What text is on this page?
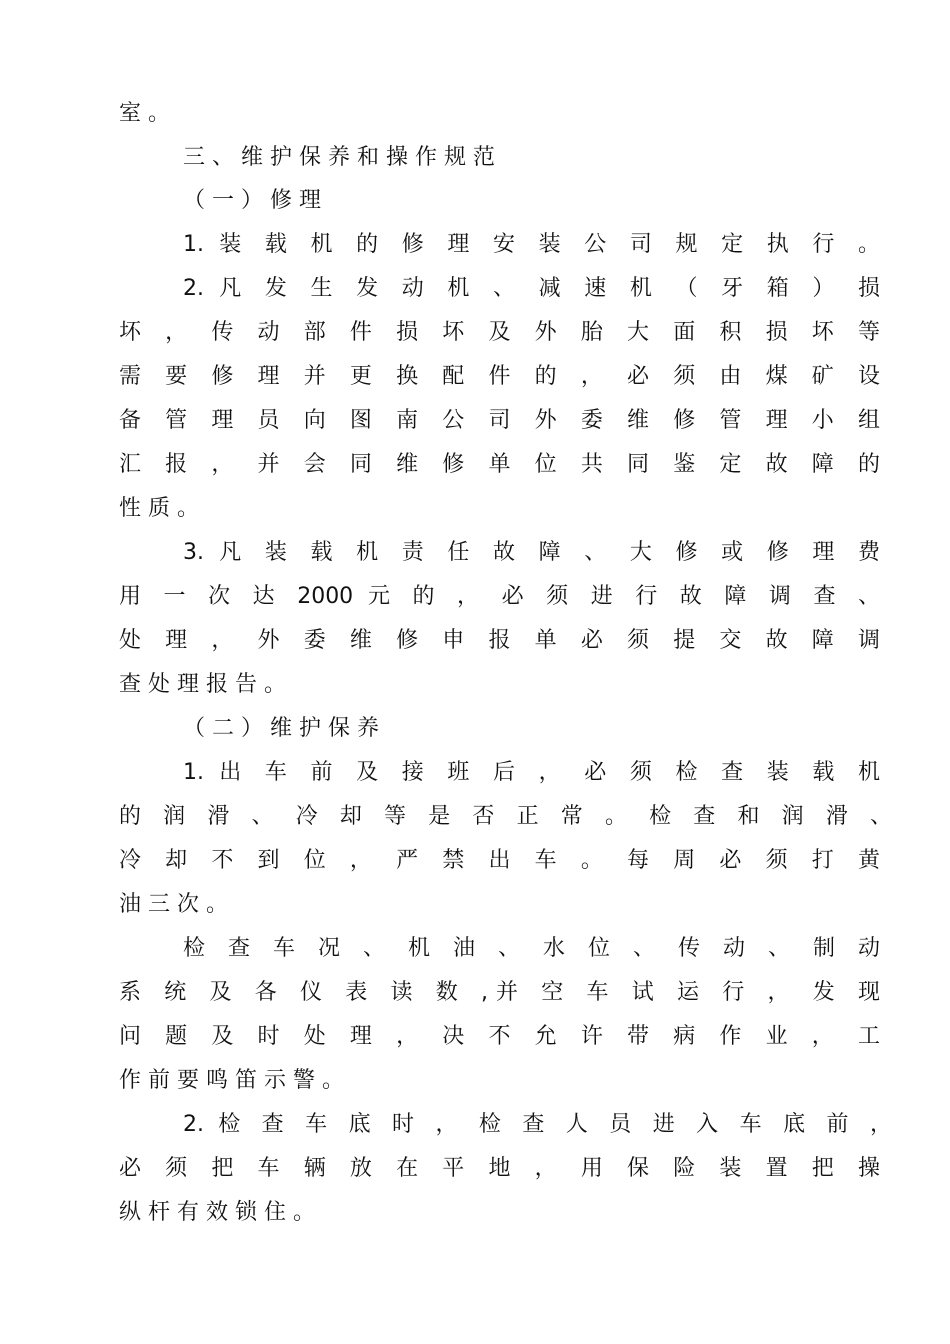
室 。
三 、 维 护 保 养 和 操 作 规 范
（ 一 ） 修 理
1. 装 载 机 的 修 理 安 装 公 司 规 定 执 行 。
2. 凡 发 生 发 动 机 、 减 速 机 （ 牙 箱 ） 损
坏 ， 传 动 部 件 损 坏 及 外 胎 大 面 积 损 坏 等
需 要 修 理 并 更 换 配 件 的 ， 必 须 由 煤 矿 设
备 管 理 员 向 图 南 公 司 外 委 维 修 管 理 小 组
汇 报 ， 并 会 同 维 修 单 位 共 同 鉴 定 故 障 的
性 质 。
3. 凡 装 载 机 责 任 故 障 、 大 修 或 修 理 费
用 一 次 达 2000 元 的 ， 必 须 进 行 故 障 调 查 、
处 理 ， 外 委 维 修 申 报 单 必 须 提 交 故 障 调
查 处 理 报 告 。
（ 二 ） 维 护 保 养
1. 出 车 前 及 接 班 后 ， 必 须 检 查 装 载 机
的 润 滑 、 冷 却 等 是 否 正 常 。 检 查 和 润 滑 、
冷 却 不 到 位 ， 严 禁 出 车 。 每 周 必 须 打 黄
油 三 次 。
检 查 车 况 、 机 油 、 水 位 、 传 动 、 制 动
系 统 及 各 仪 表 读 数 ,并 空 车 试 运 行 ， 发 现
问 题 及 时 处 理 ， 决 不 允 许 带 病 作 业 ， 工
作 前 要 鸣 笛 示 警 。
2. 检 查 车 底 时 ， 检 查 人 员 进 入 车 底 前 ，
必 须 把 车 辆 放 在 平 地 ， 用 保 险 装 置 把 操
纵 杆 有 效 锁 住 。
